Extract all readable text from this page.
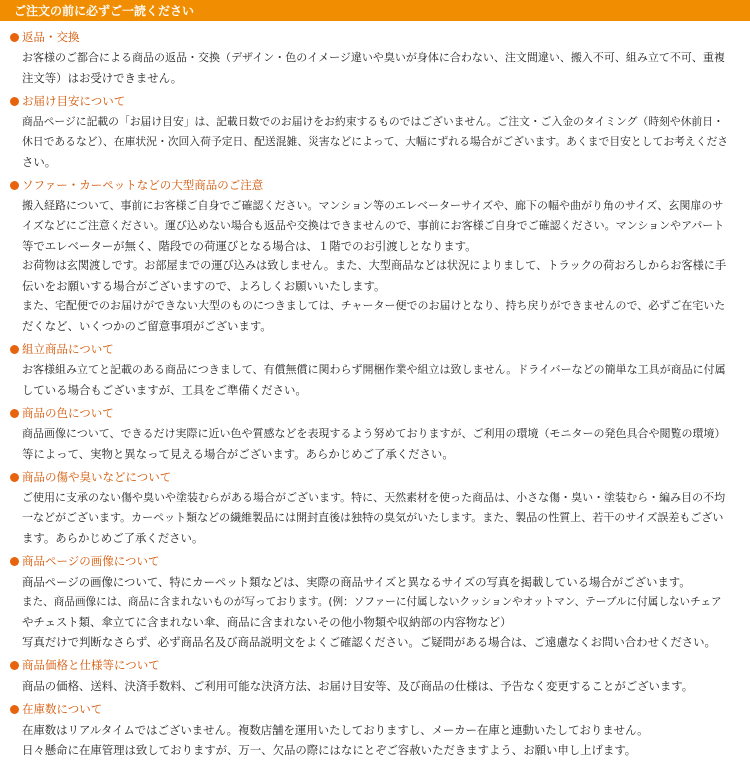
ご注文の前に必ずご一読ください
返品・交換
お客様のご都合による商品の返品・交換（デザイン・色のイメージ違いや臭いが身体に合わない、注文間違い、搬入不可、組み立て不可、重複
注文等）はお受けできません。
お届け目安について
商品ページに記載の「お届け目安」は、記載日数でのお届けをお約束するものではございません。ご注文・ご入金のタイミング（時刻や休前日・
休日であるなど）、在庫状況・次回入荷予定日、配送混雑、災害などによって、大幅にずれる場合がございます。あくまで目安としてお考えくださ
さい。
ソファー・カーペットなどの大型商品のご注意
搬入経路について、事前にお客様ご自身でご確認ください。マンション等のエレベーターサイズや、廊下の幅や曲がり角のサイズ、玄関扉のサ
イズなどにご注意ください。運び込めない場合も返品や交換はできませんので、事前にお客様ご自身でご確認ください。マンションやアパート
等でエレベーターが無く、階段での荷運びとなる場合は、１階でのお引渡しとなります。
お荷物は玄関渡しです。お部屋までの運び込みは致しません。また、大型商品などは状況によりまして、トラックの荷おろしからお客様に手
伝いをお願いする場合がございますので、よろしくお願いいたします。
また、宅配便でのお届けができない大型のものにつきましては、チャーター便でのお届けとなり、持ち戻りができませんので、必ずご在宅いた
だくなど、いくつかのご留意事項がございます。
組立商品について
お客様組み立てと記載のある商品につきまして、有償無償に関わらず開梱作業や組立は致しません。ドライバーなどの簡単な工具が商品に付属
している場合もございますが、工具をご準備ください。
商品の色について
商品画像について、できるだけ実際に近い色や質感などを表現するよう努めておりますが、ご利用の環境（モニターの発色具合や閲覧の環境）
等によって、実物と異なって見える場合がございます。あらかじめご了承ください。
商品の傷や臭いなどについて
ご使用に支承のない傷や臭いや塗装むらがある場合がございます。特に、天然素材を使った商品は、小さな傷・臭い・塗装むら・編み目の不均
一などがございます。カーペット類などの繊維製品には開封直後は独特の臭気がいたします。また、製品の性質上、若干のサイズ誤差もござい
ます。あらかじめご了承ください。
商品ページの画像について
商品ページの画像について、特にカーペット類などは、実際の商品サイズと異なるサイズの写真を掲載している場合がございます。
また、商品画像には、商品に含まれないものが写っております。(例：ソファーに付属しないクッションやオットマン、テーブルに付属しないチェア
やチェスト類、傘立てに含まれない傘、商品に含まれないその他小物類や収納部の内容物など）
写真だけで判断なさらず、必ず商品名及び商品説明文をよくご確認ください。ご疑問がある場合は、ご遠慮なくお問い合わせください。
商品価格と仕様等について
商品の価格、送料、決済手数料、ご利用可能な決済方法、お届け目安等、及び商品の仕様は、予告なく変更することがございます。
在庫数について
在庫数はリアルタイムではございません。複数店舗を運用いたしておりますし、メーカー在庫と連動いたしておりません。
日々懸命に在庫管理は致しておりますが、万一、欠品の際にはなにとぞご容赦いただきますよう、お願い申し上げます。
